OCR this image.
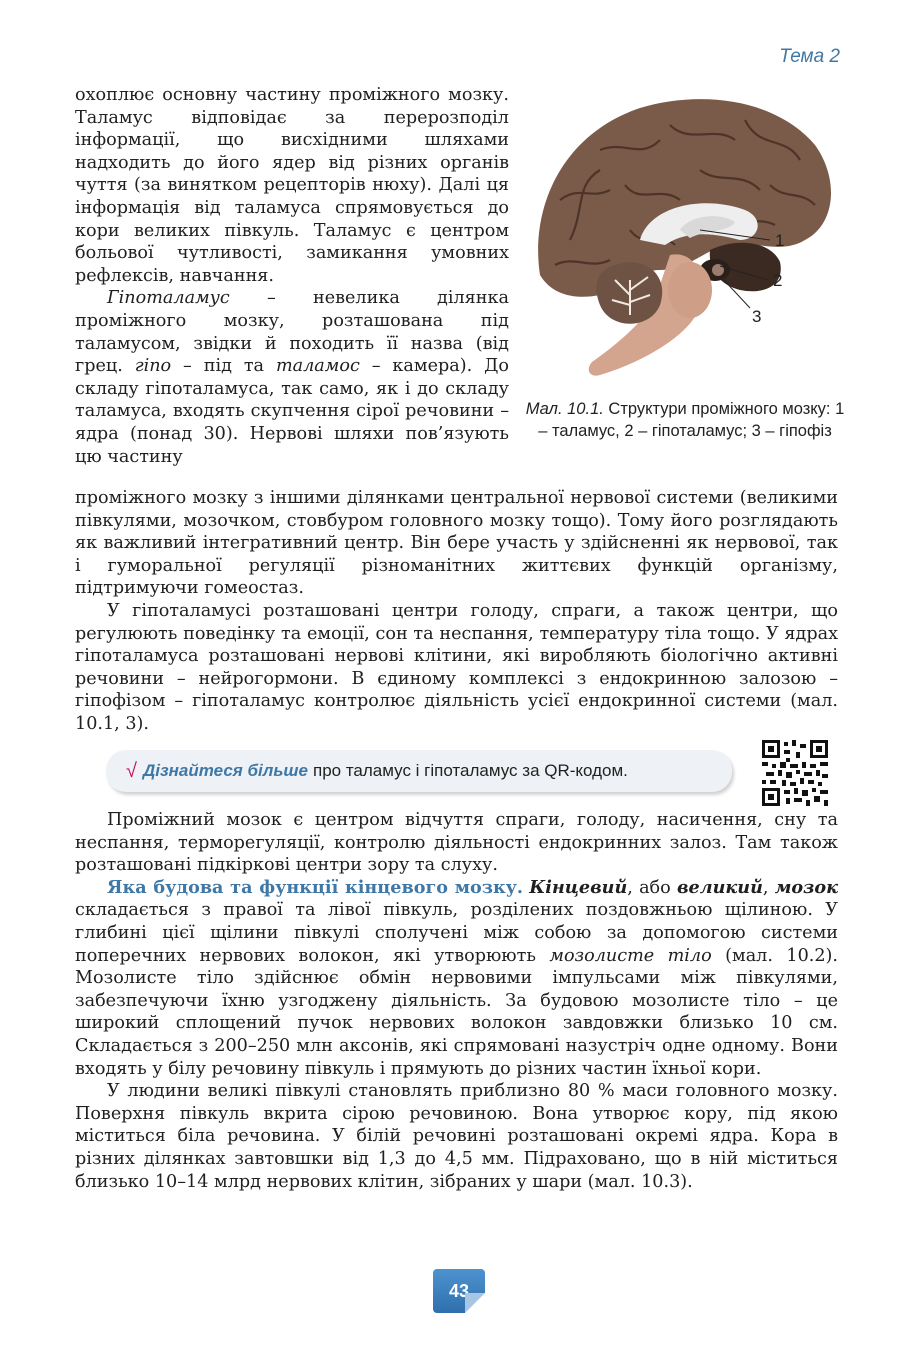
Тема 2

охоплює основну частину проміжного мозку. Таламус відповідає за перерозподіл інформації, що висхідними шляхами надходить до його ядер від різних органів чуття (за винятком рецепторів нюху). Далі ця інформація від таламуса спрямовується до кори великих півкуль. Таламус є центром больової чутливості, замикання умовних рефлексів, навчання.

Гіпоталамус – невелика ділянка проміжного мозку, розташована під таламусом, звідки й походить її назва (від грец. гіпо – під та таламос – камера). До складу гіпоталамуса, так само, як і до складу таламуса, входять скупчення сірої речовини – ядра (понад 30). Нервові шляхи пов’язують цю частину

1
2
3
Мал. 10.1. Структури проміжного мозку: 1 – таламус, 2 – гіпоталамус; 3 – гіпофіз

проміжного мозку з іншими ділянками центральної нервової системи (великими півкулями, мозочком, стовбуром головного мозку тощо). Тому його розглядають як важливий інтегративний центр. Він бере участь у здійсненні як нервової, так і гуморальної регуляції різноманітних життєвих функцій організму, підтримуючи гомеостаз.

У гіпоталамусі розташовані центри голоду, спраги, а також центри, що регулюють поведінку та емоції, сон та неспання, температуру тіла тощо. У ядрах гіпоталамуса розташовані нервові клітини, які виробляють біологічно активні речовини – нейрогормони. В єдиному комплексі з ендокринною залозою – гіпофізом – гіпоталамус контролює діяльність усієї ендокринної системи (мал. 10.1, 3).

√ Дізнайтеся більше про таламус і гіпоталамус за QR-кодом.

Проміжний мозок є центром відчуття спраги, голоду, насичення, сну та неспання, терморегуляції, контролю діяльності ендокринних залоз. Там також розташовані підкіркові центри зору та слуху.

Яка будова та функції кінцевого мозку. Кінцевий, або великий, мозок складається з правої та лівої півкуль, розділених поздовжньою щілиною. У глибині цієї щілини півкулі сполучені між собою за допомогою системи поперечних нервових волокон, які утворюють мозолисте тіло (мал. 10.2). Мозолисте тіло здійснює обмін нервовими імпульсами між півкулями, забезпечуючи їхню узгоджену діяльність. За будовою мозолисте тіло – це широкий сплощений пучок нервових волокон завдовжки близько 10 см. Складається з 200–250 млн аксонів, які спрямовані назустріч одне одному. Вони входять у білу речовину півкуль і прямують до різних частин їхньої кори.

У людини великі півкулі становлять приблизно 80 % маси головного мозку. Поверхня півкуль вкрита сірою речовиною. Вона утворює кору, під якою міститься біла речовина. У білій речовині розташовані окремі ядра. Кора в різних ділянках завтовшки від 1,3 до 4,5 мм. Підраховано, що в ній міститься близько 10–14 млрд нервових клітин, зібраних у шари (мал. 10.3).

43
